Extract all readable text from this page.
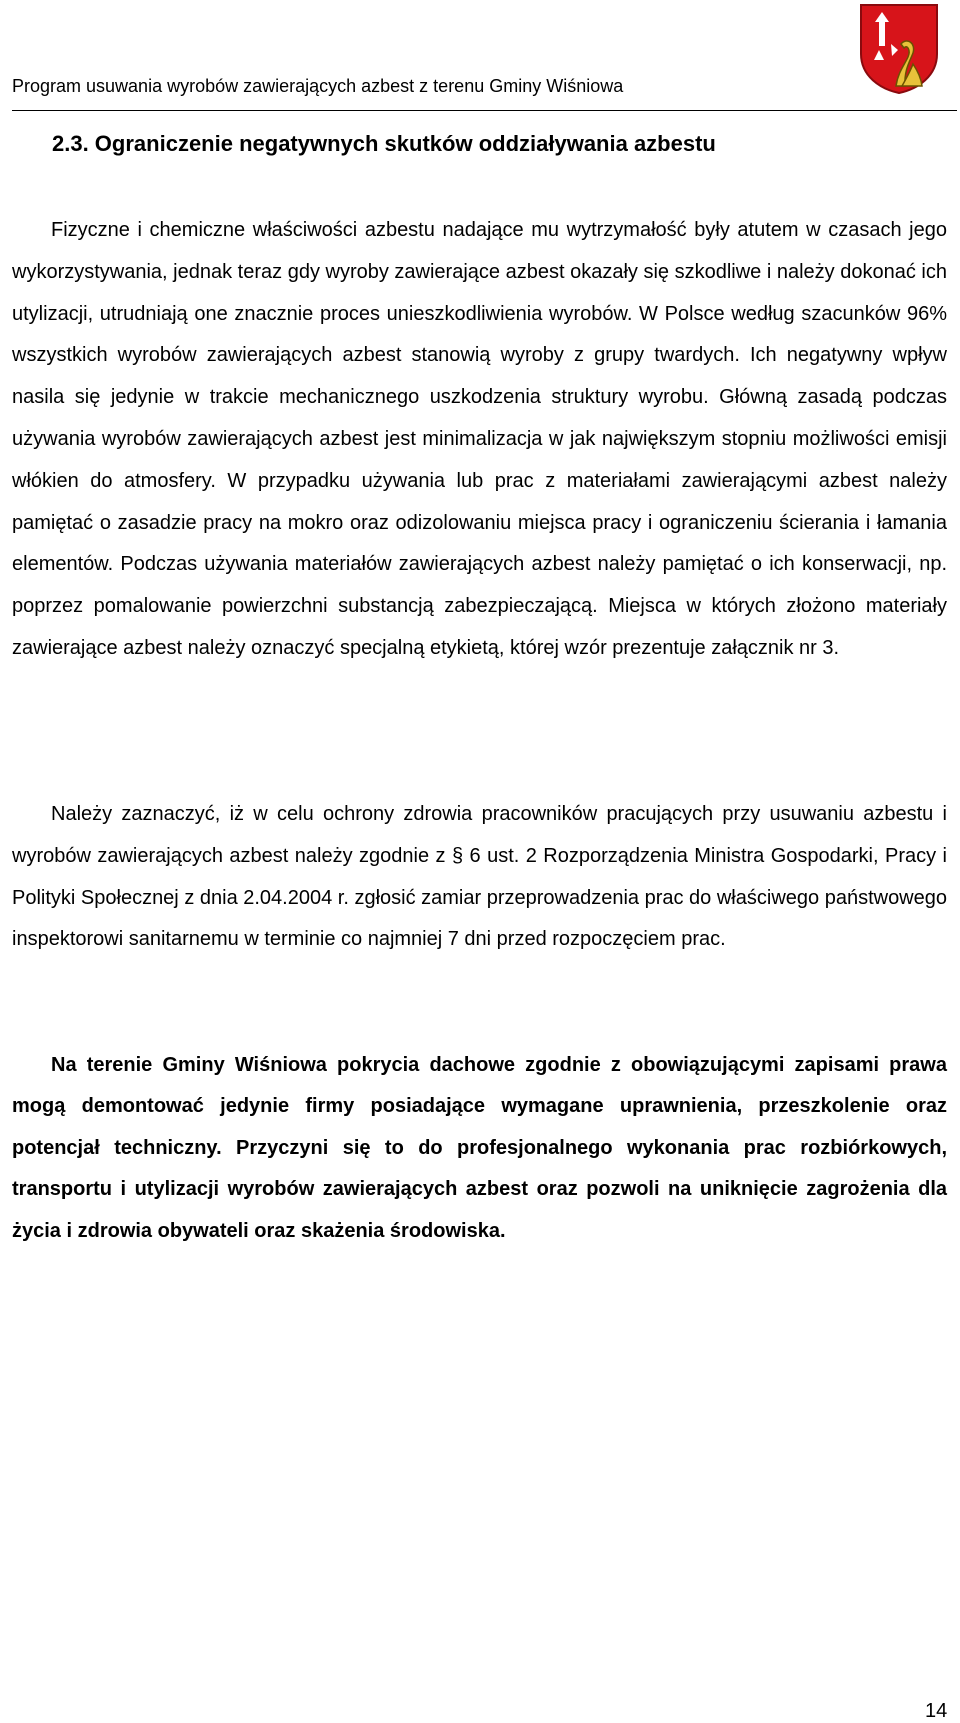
Program usuwania wyrobów zawierających azbest z terenu Gminy Wiśniowa
2.3. Ograniczenie negatywnych skutków oddziaływania azbestu

Fizyczne i chemiczne właściwości azbestu nadające mu wytrzymałość były atutem w czasach jego wykorzystywania, jednak teraz gdy wyroby zawierające azbest okazały się szkodliwe i należy dokonać ich utylizacji, utrudniają one znacznie proces unieszkodliwienia wyrobów. W Polsce według szacunków 96% wszystkich wyrobów zawierających azbest stanowią wyroby z grupy twardych. Ich negatywny wpływ nasila się jedynie w trakcie mechanicznego uszkodzenia struktury wyrobu. Główną zasadą podczas używania wyrobów zawierających azbest jest minimalizacja w jak największym stopniu możliwości emisji włókien do atmosfery. W przypadku używania lub prac z materiałami zawierającymi azbest należy pamiętać o zasadzie pracy na mokro oraz odizolowaniu miejsca pracy i ograniczeniu ścierania i łamania elementów. Podczas używania materiałów zawierających azbest należy pamiętać o ich konserwacji, np. poprzez pomalowanie powierzchni substancją zabezpieczającą. Miejsca w których złożono materiały zawierające azbest należy oznaczyć specjalną etykietą, której wzór prezentuje załącznik nr 3.

Należy zaznaczyć, iż w celu ochrony zdrowia pracowników pracujących przy usuwaniu azbestu i wyrobów zawierających azbest należy zgodnie z § 6 ust. 2 Rozporządzenia Ministra Gospodarki, Pracy i Polityki Społecznej z dnia 2.04.2004 r. zgłosić zamiar przeprowadzenia prac do właściwego państwowego inspektorowi sanitarnemu w terminie co najmniej 7 dni przed rozpoczęciem prac.

Na terenie Gminy Wiśniowa pokrycia dachowe zgodnie z obowiązującymi zapisami prawa mogą demontować jedynie firmy posiadające wymagane uprawnienia, przeszkolenie oraz potencjał techniczny. Przyczyni się to do profesjonalnego wykonania prac rozbiórkowych, transportu i utylizacji wyrobów zawierających azbest oraz pozwoli na uniknięcie zagrożenia dla życia i zdrowia obywateli oraz skażenia środowiska.

14
